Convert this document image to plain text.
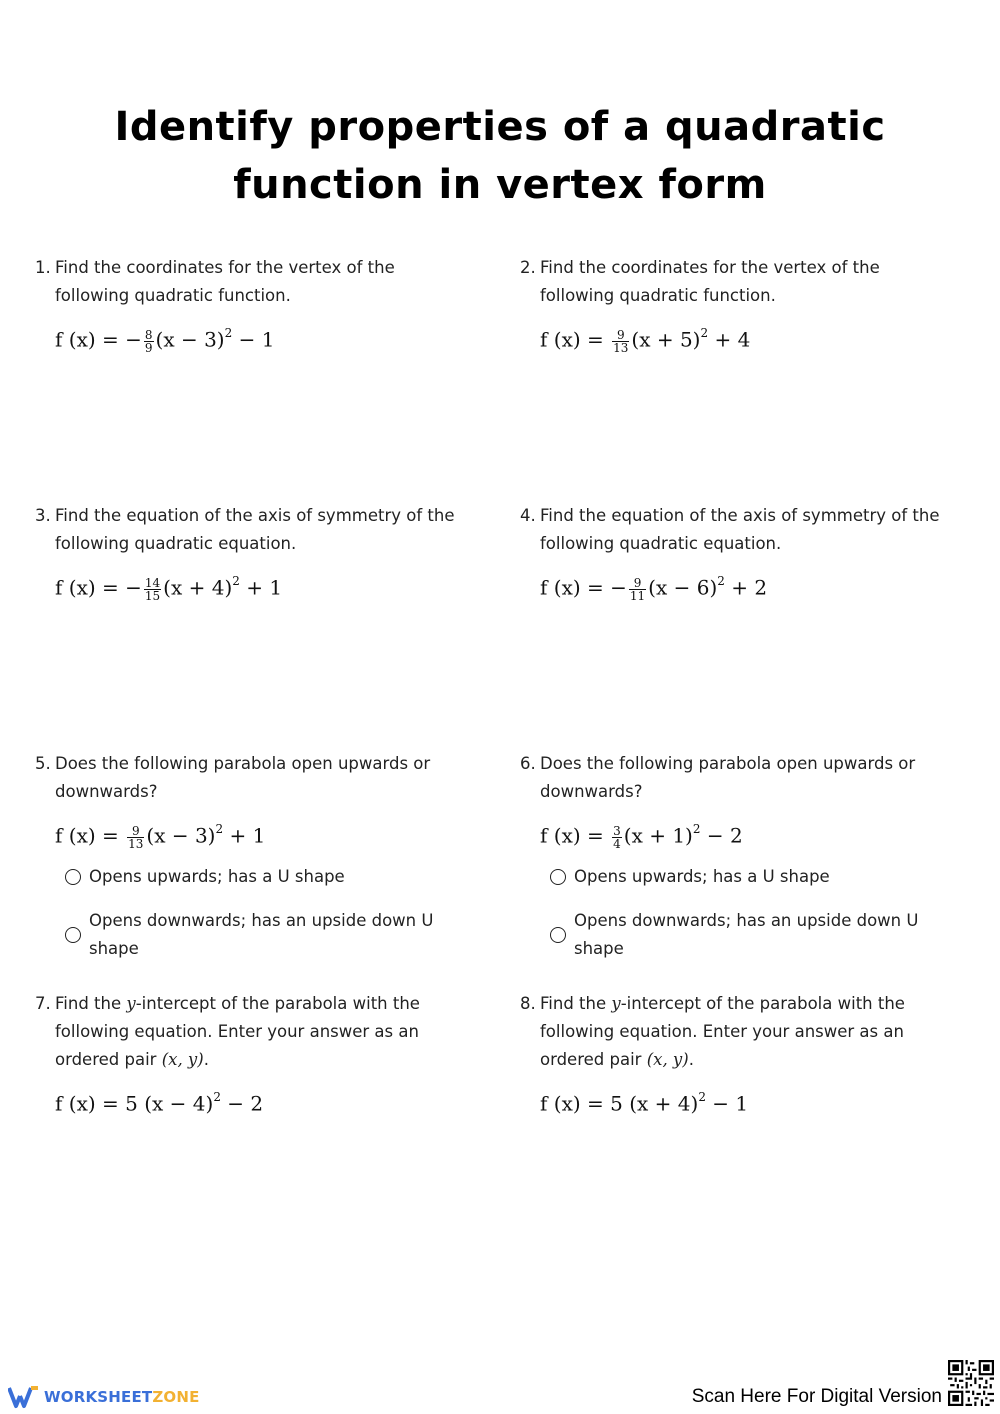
Identify properties of a quadratic
function in vertex form
1. Find the coordinates for the vertex of the following quadratic function.
f (x) = − $\frac{8}{9} (x - 3)^2 - 1$
2. Find the coordinates for the vertex of the following quadratic function.
f $(x) = \frac{9}{13} (x + 5)^2 + 4$
3. Find the equation of the axis of symmetry of the following quadratic equation.
f (x) = − $\frac{14}{15} (x + 4)^2 + 1$
4. Find the equation of the axis of symmetry of the following quadratic equation.
f (x) = − $\frac{9}{11} (x - 6)^2 + 2$
5. Does the following parabola open upwards or downwards?
f $(x) = \frac{9}{13} (x - 3)^2 + 1$
Opens upwards; has a U shape
Opens downwards; has an upside down U shape
6. Does the following parabola open upwards or downwards?
f $(x) = \frac{3}{4} (x + 1)^2 - 2$
Opens upwards; has a U shape
Opens downwards; has an upside down U shape
7. Find the y-intercept of the parabola with the following equation. Enter your answer as an ordered pair (x, y).
f (x) = 5 $(x - 4)^2 - 2$
8. Find the y-intercept of the parabola with the following equation. Enter your answer as an ordered pair (x, y).
f (x) = 5 $(x + 4)^2 - 1$
WORKSHEETZONE	Scan Here For Digital Version
